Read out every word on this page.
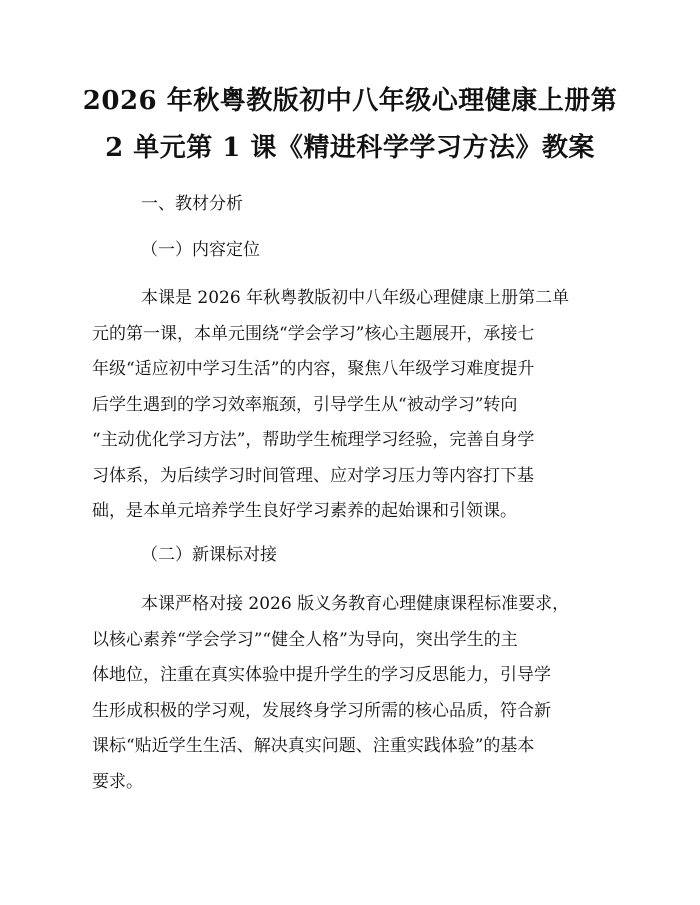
2026 年秋粤教版初中八年级心理健康上册第
2 单元第 1 课《精进科学学习方法》教案
一、教材分析
（一）内容定位
本课是 2026 年秋粤教版初中八年级心理健康上册第二单
元的第一课，本单元围绕“学会学习”核心主题展开，承接七
年级“适应初中学习生活”的内容，聚焦八年级学习难度提升
后学生遇到的学习效率瓶颈，引导学生从“被动学习”转向
“主动优化学习方法”，帮助学生梳理学习经验，完善自身学
习体系，为后续学习时间管理、应对学习压力等内容打下基
础，是本单元培养学生良好学习素养的起始课和引领课。
（二）新课标对接
本课严格对接 2026 版义务教育心理健康课程标准要求，
以核心素养“学会学习”“健全人格”为导向，突出学生的主
体地位，注重在真实体验中提升学生的学习反思能力，引导学
生形成积极的学习观，发展终身学习所需的核心品质，符合新
课标“贴近学生生活、解决真实问题、注重实践体验”的基本
要求。
